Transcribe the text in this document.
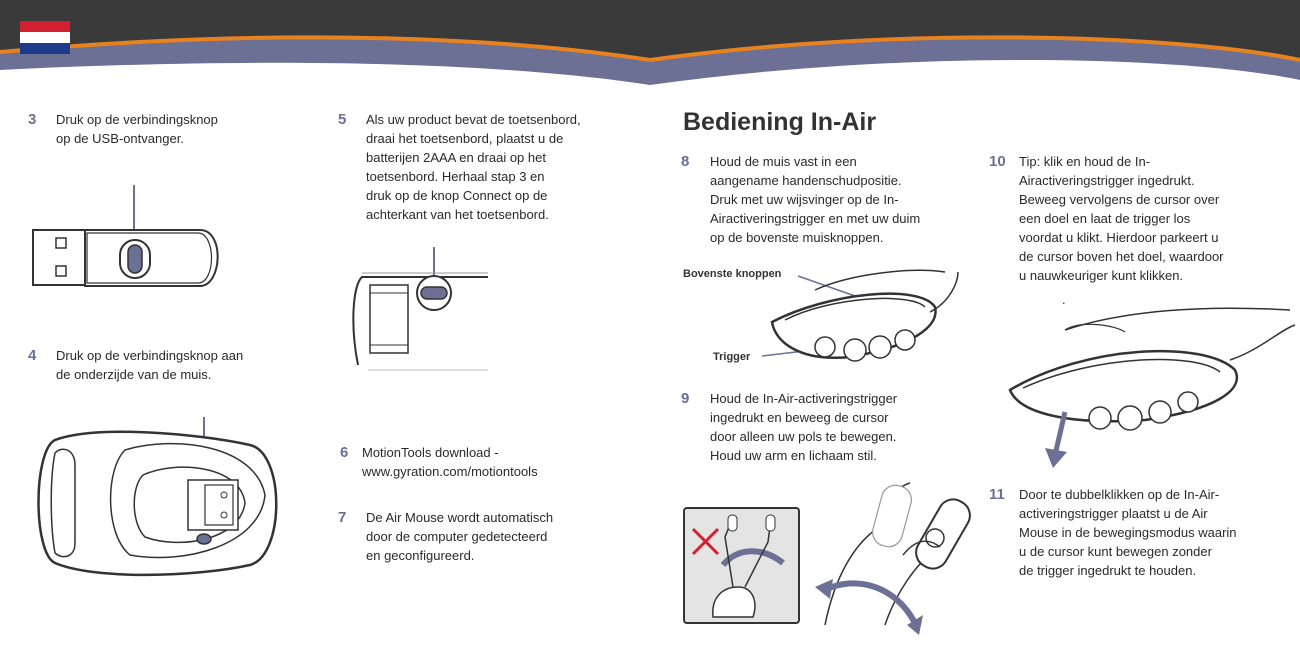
3 Druk op de verbindingsknop
op de USB-ontvanger.
4 Druk op de verbindingsknop aan
de onderzijde van de muis.
5 Als uw product bevat de toetsenbord,
draai het toetsenbord, plaatst u de
batterijen 2AAA en draai op het
toetsenbord. Herhaal stap 3 en
druk op de knop Connect op de
achterkant van het toetsenbord.
6 MotionTools download -
www.gyration.com/motiontools
7 De Air Mouse wordt automatisch
door de computer gedetecteerd
en geconfigureerd.
Bediening In-Air
8 Houd de muis vast in een
aangename handenschudpositie.
Druk met uw wijsvinger op de In-
Airactiveringstrigger en met uw duim
op de bovenste muisknoppen.
Bovenste knoppen
Trigger
9 Houd de In-Air-activeringstrigger
ingedrukt en beweeg de cursor
door alleen uw pols te bewegen.
Houd uw arm en lichaam stil.
10 Tip: klik en houd de In-
Airactiveringstrigger ingedrukt.
Beweeg vervolgens de cursor over
een doel en laat de trigger los
voordat u klikt. Hierdoor parkeert u
de cursor boven het doel, waardoor
u nauwkeuriger kunt klikken.
.
11 Door te dubbelklikken op de In-Air-
activeringstrigger plaatst u de Air
Mouse in de bewegingsmodus waarin
u de cursor kunt bewegen zonder
de trigger ingedrukt te houden.
